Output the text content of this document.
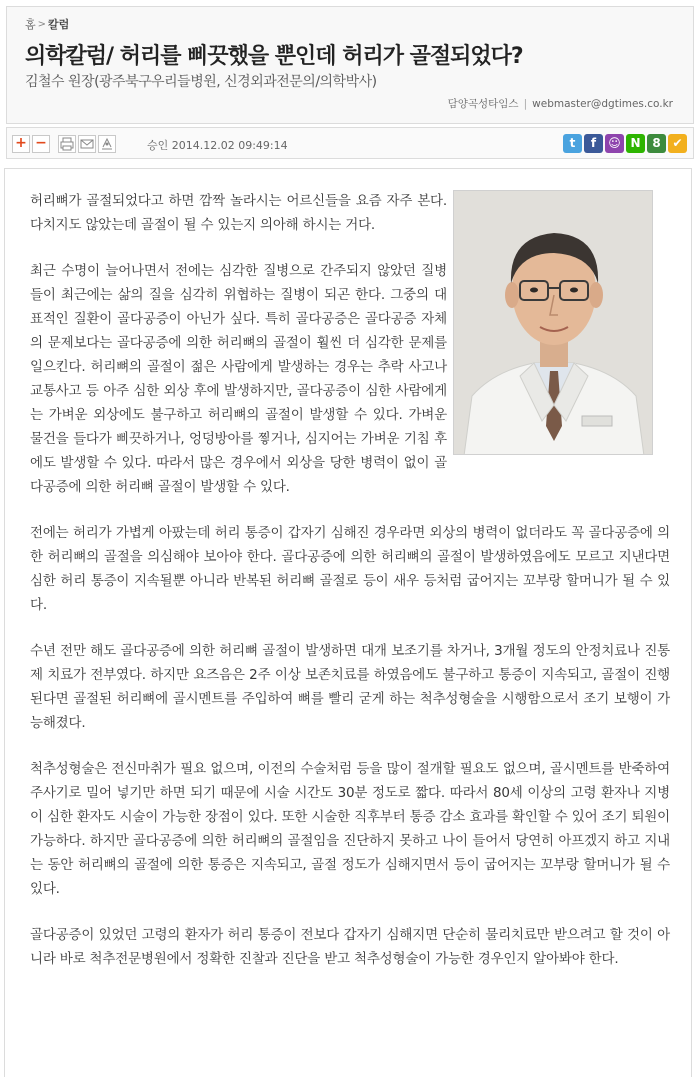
홈 > 칼럼
의학칼럼/ 허리를 삐끗했을 뿐인데 허리가 골절되었다?
김철수 원장(광주북구우리들병원, 신경외과전문의/의학박사)
담양곡성타임스 | webmaster@dgtimes.co.kr
+ −	승인 2014.12.02 09:49:14	t	f	☺ N 8 ✔

허리뼈가 골절되었다고 하면 깜짝 놀라시는 어르신들을 요즘 자주 본다. 다치지도 않았는데 골절이 될 수 있는지 의아해 하시는 거다.

최근 수명이 늘어나면서 전에는 심각한 질병으로 간주되지 않았던 질병들이 최근에는 삶의 질을 심각히 위협하는 질병이 되곤 한다. 그중의 대표적인 질환이 골다공증이 아닌가 싶다. 특히 골다공증은 골다공증 자체의 문제보다는 골다공증에 의한 허리뼈의 골절이 훨씬 더 심각한 문제를 일으킨다. 허리뼈의 골절이 젊은 사람에게 발생하는 경우는 추락 사고나 교통사고 등 아주 심한 외상 후에 발생하지만, 골다공증이 심한 사람에게는 가벼운 외상에도 불구하고 허리뼈의 골절이 발생할 수 있다. 가벼운 물건을 들다가 삐끗하거나, 엉덩방아를 찧거나, 심지어는 가벼운 기침 후에도 발생할 수 있다. 따라서 많은 경우에서 외상을 당한 병력이 없이 골다공증에 의한 허리뼈 골절이 발생할 수 있다.

전에는 허리가 가볍게 아팠는데 허리 통증이 갑자기 심해진 경우라면 외상의 병력이 없더라도 꼭 골다공증에 의한 허리뼈의 골절을 의심해야 보아야 한다. 골다공증에 의한 허리뼈의 골절이 발생하였음에도 모르고 지낸다면 심한 허리 통증이 지속될뿐 아니라 반복된 허리뼈 골절로 등이 새우 등처럼 굽어지는 꼬부랑 할머니가 될 수 있다.

수년 전만 해도 골다공증에 의한 허리뼈 골절이 발생하면 대개 보조기를 차거나, 3개월 정도의 안정치료나 진통제 치료가 전부였다. 하지만 요즈음은 2주 이상 보존치료를 하였음에도 불구하고 통증이 지속되고, 골절이 진행된다면 골절된 허리뼈에 골시멘트를 주입하여 뼈를 빨리 굳게 하는 척추성형술을 시행함으로서 조기 보행이 가능해졌다.

척추성형술은 전신마취가 필요 없으며, 이전의 수술처럼 등을 많이 절개할 필요도 없으며, 골시멘트를 반죽하여 주사기로 밀어 넣기만 하면 되기 때문에 시술 시간도 30분 정도로 짧다. 따라서 80세 이상의 고령 환자나 지병이 심한 환자도 시술이 가능한 장점이 있다. 또한 시술한 직후부터 통증 감소 효과를 확인할 수 있어 조기 퇴원이 가능하다. 하지만 골다공증에 의한 허리뼈의 골절임을 진단하지 못하고 나이 들어서 당연히 아프겠지 하고 지내는 동안 허리뼈의 골절에 의한 통증은 지속되고, 골절 정도가 심해지면서 등이 굽어지는 꼬부랑 할머니가 될 수 있다.

골다공증이 있었던 고령의 환자가 허리 통증이 전보다 갑자기 심해지면 단순히 물리치료만 받으려고 할 것이 아니라 바로 척추전문병원에서 정확한 진찰과 진단을 받고 척추성형술이 가능한 경우인지 알아봐야 한다.
